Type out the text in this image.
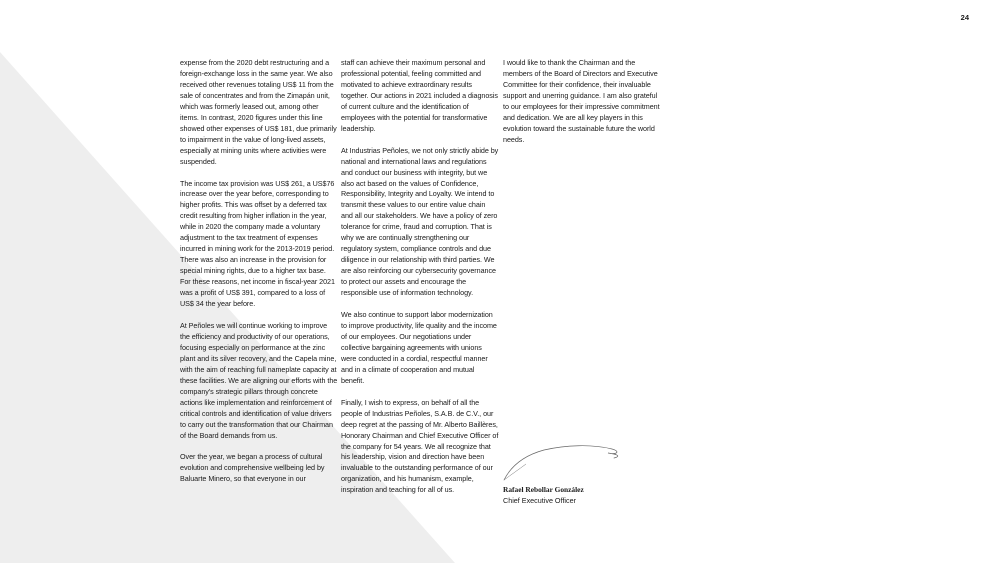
24

expense from the 2020 debt restructuring and a foreign-exchange loss in the same year. We also received other revenues totaling US$ 11 from the sale of concentrates and from the Zimapán unit, which was formerly leased out, among other items. In contrast, 2020 figures under this line showed other expenses of US$ 181, due primarily to impairment in the value of long-lived assets, especially at mining units where activities were suspended.

The income tax provision was US$ 261, a US$76 increase over the year before, corresponding to higher profits. This was offset by a deferred tax credit resulting from higher inflation in the year, while in 2020 the company made a voluntary adjustment to the tax treatment of expenses incurred in mining work for the 2013-2019 period. There was also an increase in the provision for special mining rights, due to a higher tax base. For these reasons, net income in fiscal-year 2021 was a profit of US$ 391, compared to a loss of US$ 34 the year before.

At Peñoles we will continue working to improve the efficiency and productivity of our operations, focusing especially on performance at the zinc plant and its silver recovery, and the Capela mine, with the aim of reaching full nameplate capacity at these facilities. We are aligning our efforts with the company's strategic pillars through concrete actions like implementation and reinforcement of critical controls and identification of value drivers to carry out the transformation that our Chairman of the Board demands from us.

Over the year, we began a process of cultural evolution and comprehensive wellbeing led by Baluarte Minero, so that everyone in our

staff can achieve their maximum personal and professional potential, feeling committed and motivated to achieve extraordinary results together. Our actions in 2021 included a diagnosis of current culture and the identification of employees with the potential for transformative leadership.

At Industrias Peñoles, we not only strictly abide by national and international laws and regulations and conduct our business with integrity, but we also act based on the values of Confidence, Responsibility, Integrity and Loyalty. We intend to transmit these values to our entire value chain and all our stakeholders. We have a policy of zero tolerance for crime, fraud and corruption. That is why we are continually strengthening our regulatory system, compliance controls and due diligence in our relationship with third parties. We are also reinforcing our cybersecurity governance to protect our assets and encourage the responsible use of information technology.

We also continue to support labor modernization to improve productivity, life quality and the income of our employees. Our negotiations under collective bargaining agreements with unions were conducted in a cordial, respectful manner and in a climate of cooperation and mutual benefit.

Finally, I wish to express, on behalf of all the people of Industrias Peñoles, S.A.B. de C.V., our deep regret at the passing of Mr. Alberto Baillères, Honorary Chairman and Chief Executive Officer of the company for 54 years. We all recognize that his leadership, vision and direction have been invaluable to the outstanding performance of our organization, and his humanism, example, inspiration and teaching for all of us.

I would like to thank the Chairman and the members of the Board of Directors and Executive Committee for their confidence, their invaluable support and unerring guidance. I am also grateful to our employees for their impressive commitment and dedication. We are all key players in this evolution toward the sustainable future the world needs.

Rafael Rebollar González
Chief Executive Officer
